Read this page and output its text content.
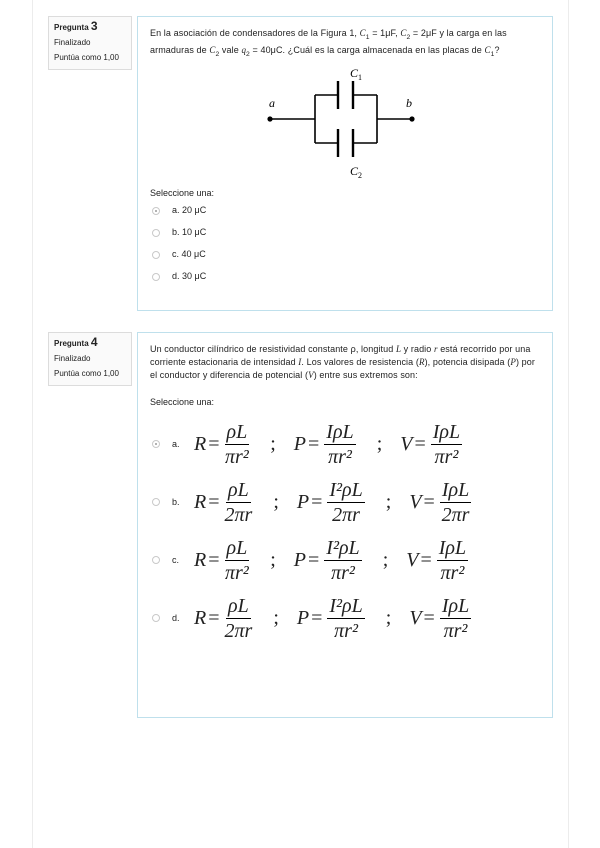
Pregunta 3
Finalizado
Puntúa como 1,00
En la asociación de condensadores de la Figura 1, $C_1 = 1\mu F$, $C_2 = 2\mu F$ y la carga en las armaduras de $C_2$ vale $q_2 = 40\mu C$. ¿Cuál es la carga almacenada en las placas de $C_1$?
a	b
$C_1$
$C_2$
Seleccione una:
a. 20 μC
b. 10 μC
c. 40 μC
d. 30 μC
Pregunta 4
Finalizado
Puntúa como 1,00
Un conductor cilíndrico de resistividad constante ρ, longitud L y radio r está recorrido por una corriente estacionaria de intensidad I. Los valores de resistencia (R), potencia disipada (P) por el conductor y diferencia de potencial (V) entre sus extremos son:
Seleccione una:
a. $R = \frac{\rho L}{\text{πr²}}$ ; $P = \frac{\text{IρL}}{\text{πr²}}$ ; $V = \frac{\text{IρL}}{\text{πr²}}$
b. $R = \frac{\rho L}{2\pi r}$ ; $P = \frac{\text{I²ρL}}{2\pi r}$ ; $V = \frac{\text{IρL}}{2\pi r}$
c. $R = \frac{\rho L}{\text{πr²}}$ ; $P = \frac{\text{I²ρL}}{\text{πr²}}$ ; $V = \frac{\text{IρL}}{\text{πr²}}$
d. $R = \frac{\rho L}{2\pi r}$ ; $P = \frac{\text{I²ρL}}{\text{πr²}}$ ; $V = \frac{\text{IρL}}{\text{πr²}}$
